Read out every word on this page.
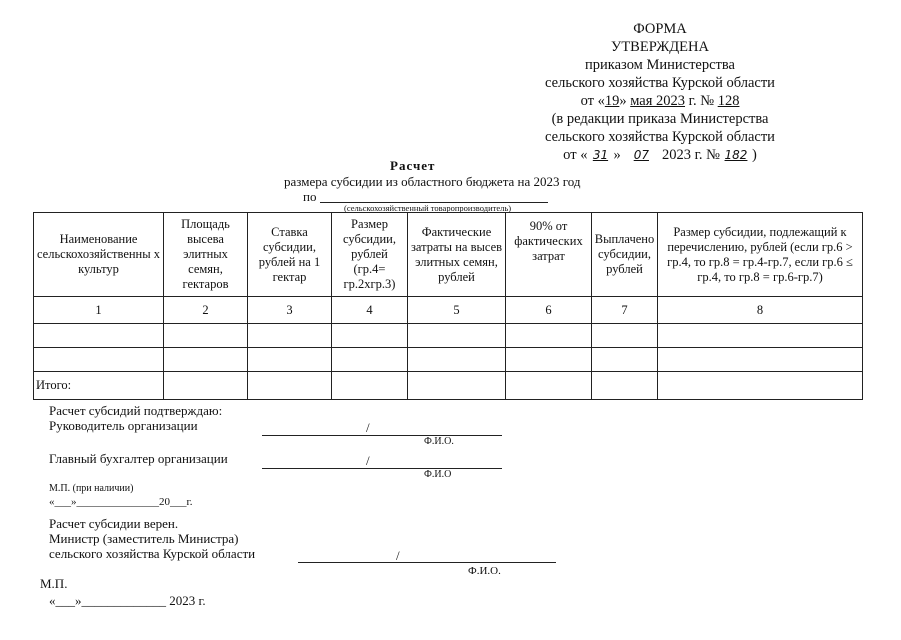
ФОРМА
УТВЕРЖДЕНА
приказом Министерства
сельского хозяйства Курской области
от «19» мая 2023 г. № 128
(в редакции приказа Министерства
сельского хозяйства Курской области
от « 31 » 07 2023 г. № 182 )
Расчет
размера субсидии из областного бюджета на 2023 год
по
(сельскохозяйственный товаропроизводитель)
Наименование сельскохозяйственны х культур	Площадь высева элитных семян, гектаров	Ставка субсидии, рублей на 1 гектар	Размер субсидии, рублей (гр.4= гр.2хгр.3)	Фактические затраты на высев элитных семян, рублей	90% от фактических затрат	Выплачено субсидии, рублей	Размер субсидии, подлежащий к перечислению, рублей (если гр.6 > гр.4, то гр.8 = гр.4-гр.7, если гр.6 ≤ гр.4, то гр.8 = гр.6-гр.7)
1	2	3	4	5	6	7	8

Итого:							
Расчет субсидий подтверждаю:
Руководитель организации	/
Ф.И.О.
Главный бухгалтер организации	/
Ф.И.О
М.П. (при наличии)
«___»_______________20___г.
Расчет субсидии верен.
Министр (заместитель Министра)
сельского хозяйства Курской области	/
Ф.И.О.
М.П.
«___»_____________ 2023 г.
